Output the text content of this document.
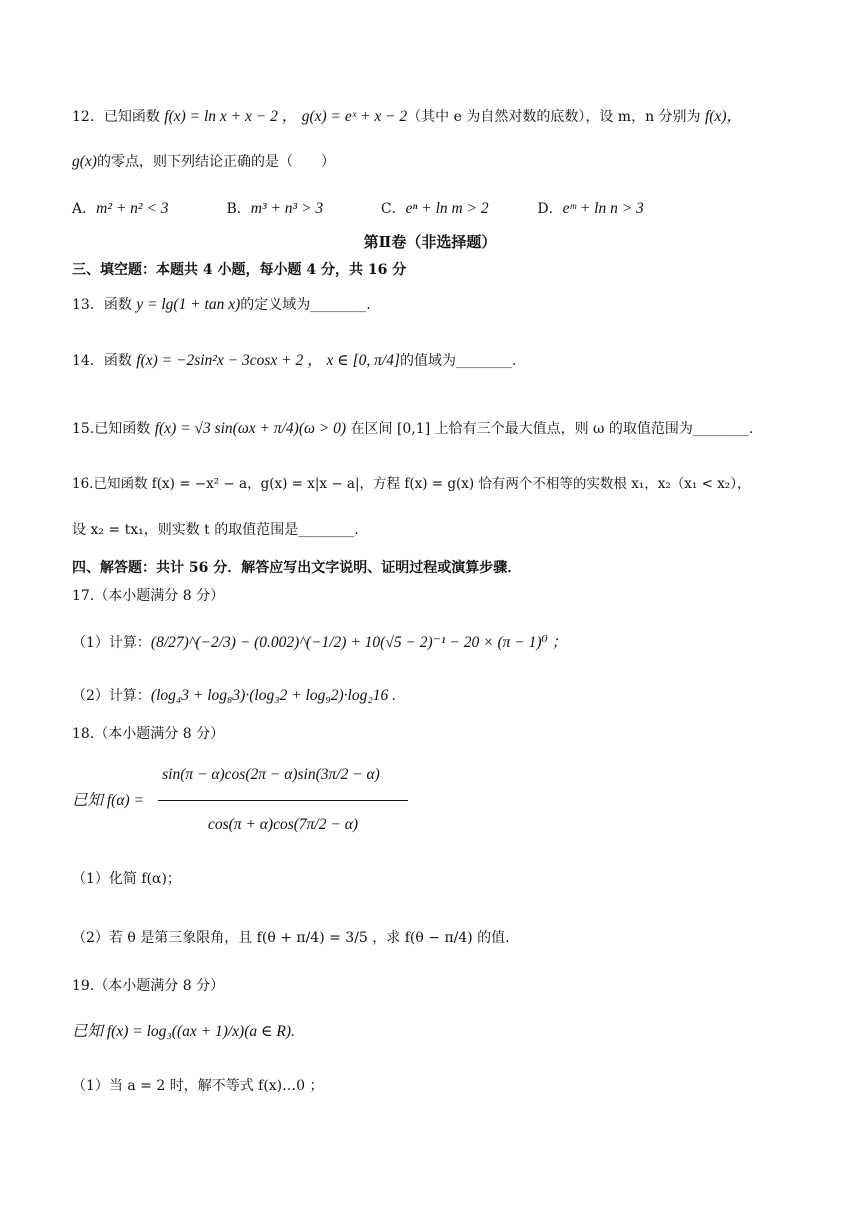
12．已知函数 f(x) = ln x + x − 2 ， g(x) = eˣ + x − 2（其中 e 为自然对数的底数），设 m，n 分别为 f(x)，
g(x)的零点，则下列结论正确的是（　　）
A．m² + n² < 3	B．m³ + n³ > 3	C．eⁿ + ln m > 2	D．eᵐ + ln n > 3
第Ⅱ卷（非选择题）
三、填空题：本题共 4 小题，每小题 4 分，共 16 分
13．函数 y = lg(1 + tan x)的定义域为________.
14．函数 f(x) = −2sin²x − 3cosx + 2 ， x ∈ [0, π/4]的值域为________.
15.已知函数 f(x) = √3 sin(ωx + π/4)(ω > 0) 在区间 [0,1] 上恰有三个最大值点，则 ω 的取值范围为________.
16.已知函数 f(x) = −x² − a，g(x) = x|x − a|，方程 f(x) = g(x) 恰有两个不相等的实数根 x₁，x₂（x₁ < x₂），
设 x₂ = tx₁，则实数 t 的取值范围是________.
四、解答题：共计 56 分．解答应写出文字说明、证明过程或演算步骤．
17.（本小题满分 8 分）
（1）计算：(8/27)^(−2/3) − (0.002)^(−1/2) + 10(√5 − 2)⁻¹ − 20 × (π − 1)⁰ ；
（2）计算：(log₄3 + log₈3)·(log₃2 + log₉2)·log₂16 .
18.（本小题满分 8 分）
sin(π − α)cos(2π − α)sin(3π/2 − α)
已知 f(α) =
cos(π + α)cos(7π/2 − α)
（1）化简 f(α)；
（2）若 θ 是第三象限角，且 f(θ + π/4) = 3/5 ，求 f(θ − π/4) 的值.
19.（本小题满分 8 分）
已知 f(x) = log₃((ax + 1)/x)(a ∈ R).
（1）当 a = 2 时，解不等式 f(x)…0 ；
